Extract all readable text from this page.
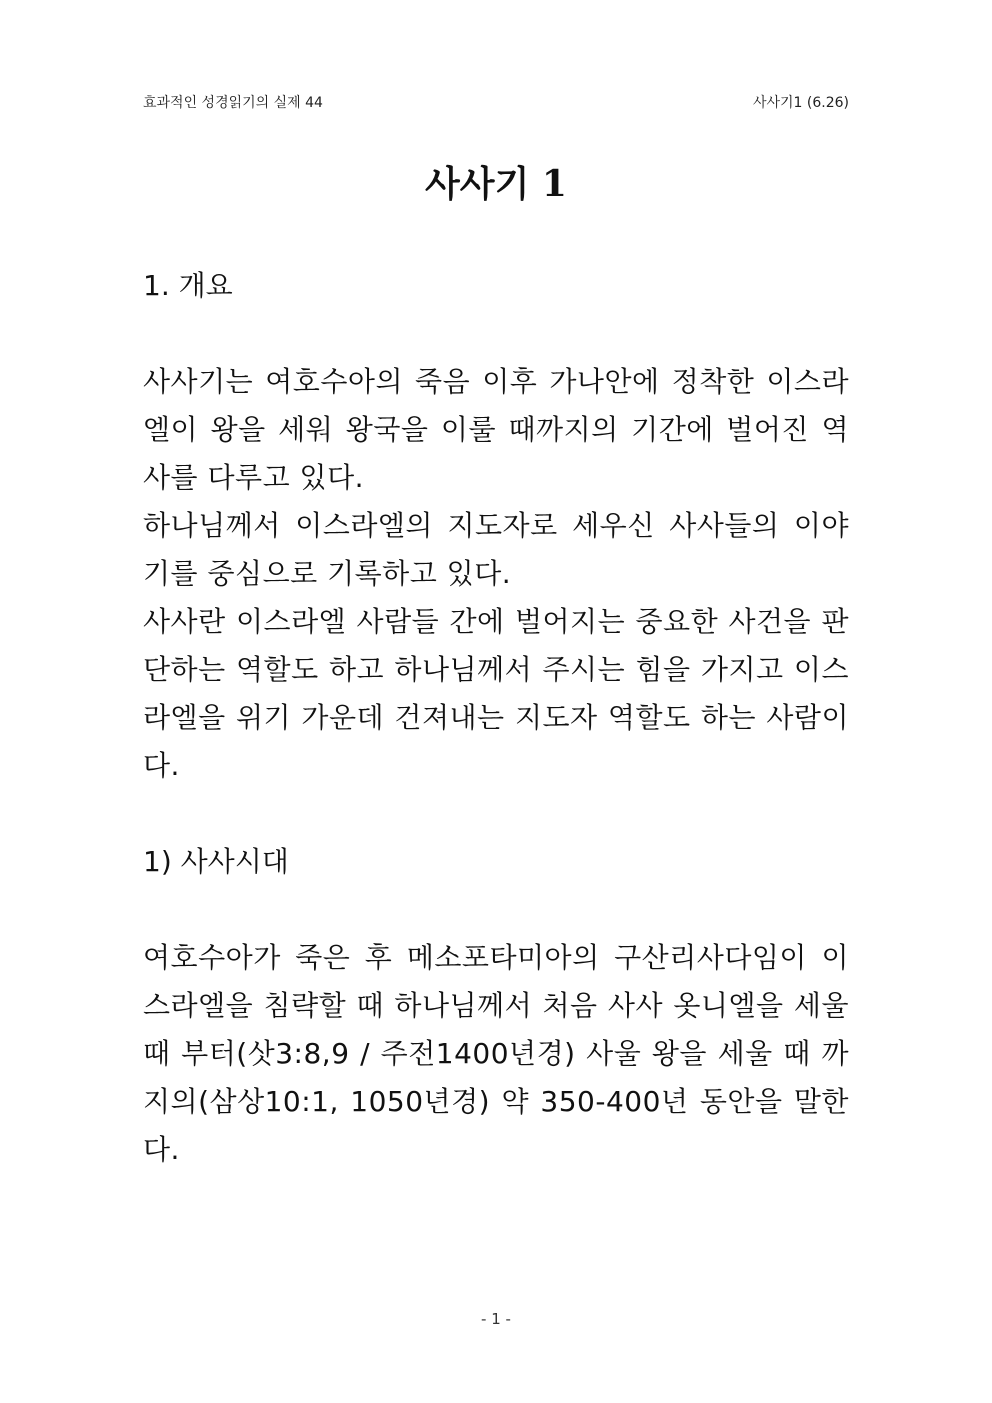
효과적인 성경읽기의 실제 44	사사기1 (6.26)
사사기 1
1. 개요

사사기는 여호수아의 죽음 이후 가나안에 정착한 이스라엘이 왕을 세워 왕국을 이룰 때까지의 기간에 벌어진 역사를 다루고 있다.

하나님께서 이스라엘의 지도자로 세우신 사사들의 이야기를 중심으로 기록하고 있다.

사사란 이스라엘 사람들 간에 벌어지는 중요한 사건을 판단하는 역할도 하고 하나님께서 주시는 힘을 가지고 이스라엘을 위기 가운데 건져내는 지도자 역할도 하는 사람이다.

1) 사사시대

여호수아가 죽은 후 메소포타미아의 구산리사다임이 이스라엘을 침략할 때 하나님께서 처음 사사 옷니엘을 세울 때 부터(삿3:8,9 / 주전1400년경) 사울 왕을 세울 때 까지의(삼상10:1, 1050년경) 약 350-400년 동안을 말한다.

- 1 -
